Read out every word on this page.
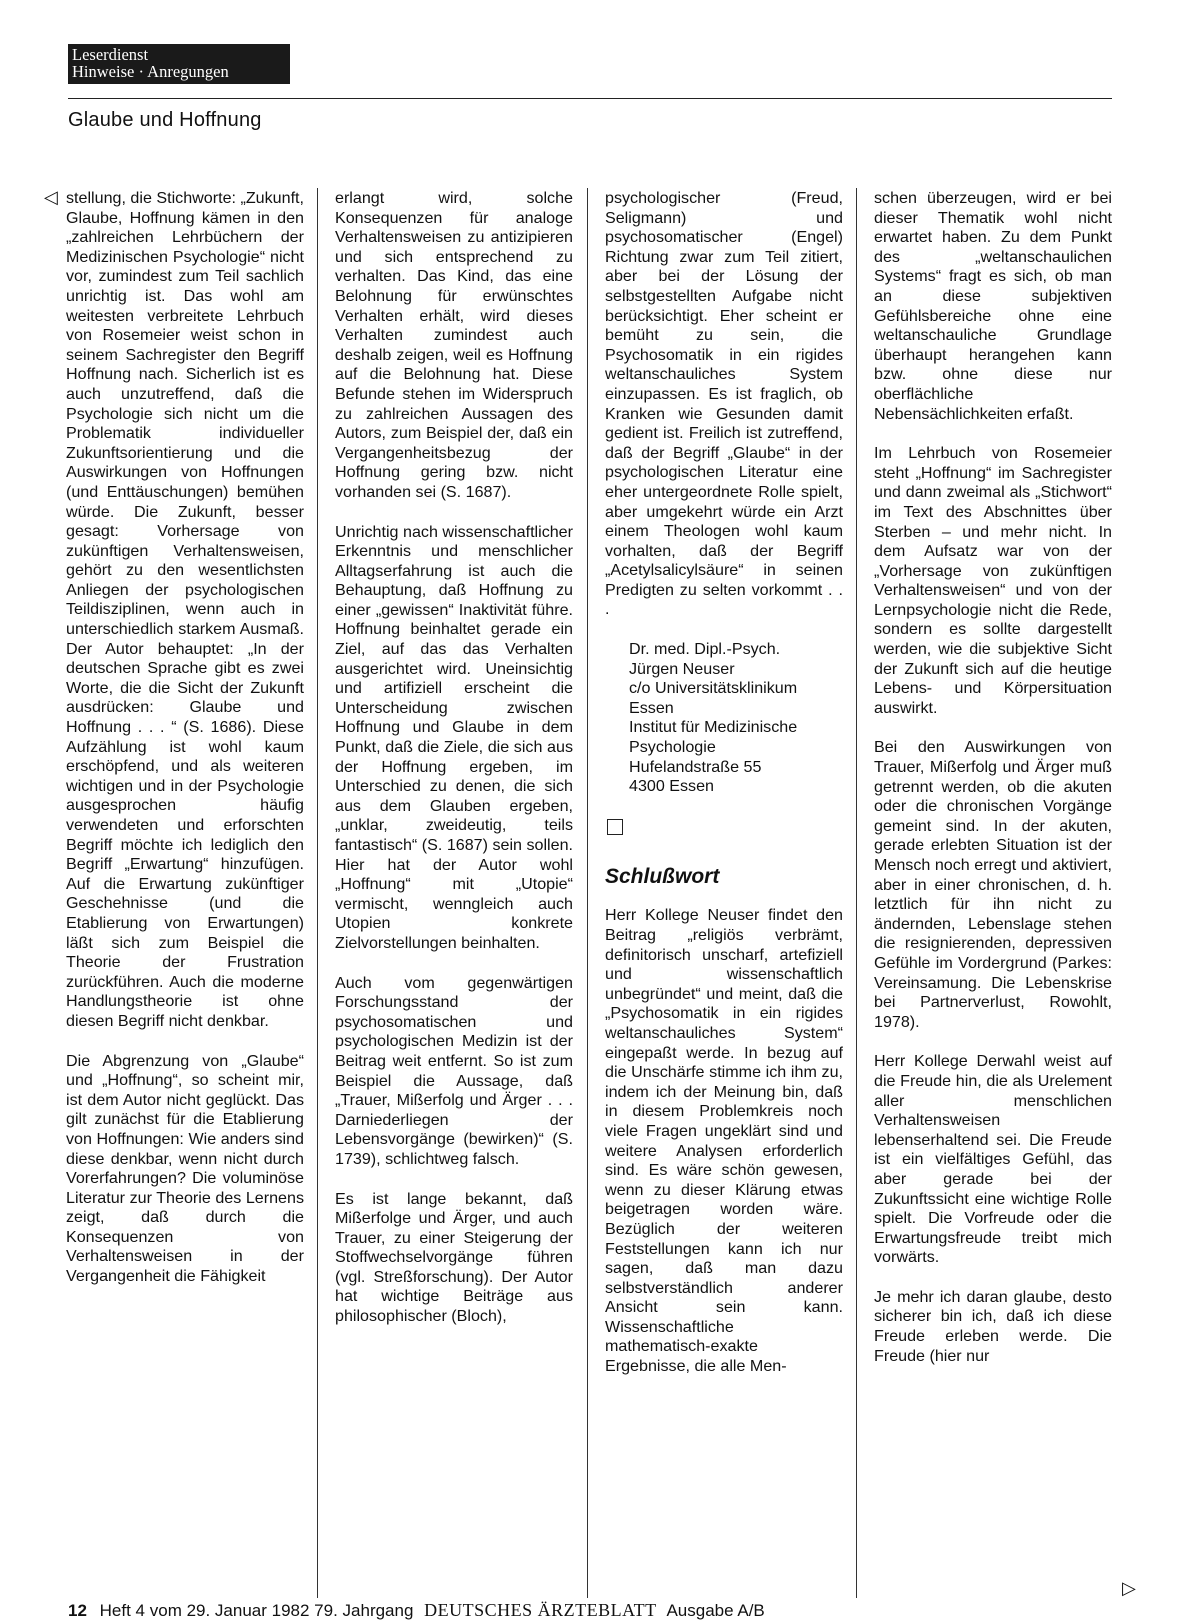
Leserdienst
Hinweise · Anregungen
Glaube und Hoffnung
◁ stellung, die Stichworte: „Zukunft, Glaube, Hoffnung kämen in den „zahlreichen Lehrbüchern der Medizinischen Psychologie“ nicht vor, zumindest zum Teil sachlich unrichtig ist. Das wohl am weitesten verbreitete Lehrbuch von Rosemeier weist schon in seinem Sachregister den Begriff Hoffnung nach. Sicherlich ist es auch unzutreffend, daß die Psychologie sich nicht um die Problematik individueller Zukunftsorientierung und die Auswirkungen von Hoffnungen (und Enttäuschungen) bemühen würde. Die Zukunft, besser gesagt: Vorhersage von zukünftigen Verhaltensweisen, gehört zu den wesentlichsten Anliegen der psychologischen Teildisziplinen, wenn auch in unterschiedlich starkem Ausmaß. Der Autor behauptet: „In der deutschen Sprache gibt es zwei Worte, die die Sicht der Zukunft ausdrücken: Glaube und Hoffnung . . . “ (S. 1686). Diese Aufzählung ist wohl kaum erschöpfend, und als weiteren wichtigen und in der Psychologie ausgesprochen häufig verwendeten und erforschten Begriff möchte ich lediglich den Begriff „Erwartung“ hinzufügen. Auf die Erwartung zukünftiger Geschehnisse (und die Etablierung von Erwartungen) läßt sich zum Beispiel die Theorie der Frustration zurückführen. Auch die moderne Handlungstheorie ist ohne diesen Begriff nicht denkbar.

Die Abgrenzung von „Glaube“ und „Hoffnung“, so scheint mir, ist dem Autor nicht geglückt. Das gilt zunächst für die Etablierung von Hoffnungen: Wie anders sind diese denkbar, wenn nicht durch Vorerfahrungen? Die voluminöse Literatur zur Theorie des Lernens zeigt, daß durch die Konsequenzen von Verhaltensweisen in der Vergangenheit die Fähigkeit

erlangt wird, solche Konsequenzen für analoge Verhaltensweisen zu antizipieren und sich entsprechend zu verhalten. Das Kind, das eine Belohnung für erwünschtes Verhalten erhält, wird dieses Verhalten zumindest auch deshalb zeigen, weil es Hoffnung auf die Belohnung hat. Diese Befunde stehen im Widerspruch zu zahlreichen Aussagen des Autors, zum Beispiel der, daß ein Vergangenheitsbezug der Hoffnung gering bzw. nicht vorhanden sei (S. 1687).

Unrichtig nach wissenschaftlicher Erkenntnis und menschlicher Alltagserfahrung ist auch die Behauptung, daß Hoffnung zu einer „gewissen“ Inaktivität führe. Hoffnung beinhaltet gerade ein Ziel, auf das das Verhalten ausgerichtet wird. Uneinsichtig und artifiziell erscheint die Unterscheidung zwischen Hoffnung und Glaube in dem Punkt, daß die Ziele, die sich aus der Hoffnung ergeben, im Unterschied zu denen, die sich aus dem Glauben ergeben, „unklar, zweideutig, teils fantastisch“ (S. 1687) sein sollen. Hier hat der Autor wohl „Hoffnung“ mit „Utopie“ vermischt, wenngleich auch Utopien konkrete Zielvorstellungen beinhalten.

Auch vom gegenwärtigen Forschungsstand der psychosomatischen und psychologischen Medizin ist der Beitrag weit entfernt. So ist zum Beispiel die Aussage, daß „Trauer, Mißerfolg und Ärger . . . Darniederliegen der Lebensvorgänge (bewirken)“ (S. 1739), schlichtweg falsch.

Es ist lange bekannt, daß Mißerfolge und Ärger, und auch Trauer, zu einer Steigerung der Stoffwechselvorgänge führen (vgl. Streßforschung). Der Autor hat wichtige Beiträge aus philosophischer (Bloch),

psychologischer (Freud, Seligmann) und psychosomatischer (Engel) Richtung zwar zum Teil zitiert, aber bei der Lösung der selbstgestellten Aufgabe nicht berücksichtigt. Eher scheint er bemüht zu sein, die Psychosomatik in ein rigides weltanschauliches System einzupassen. Es ist fraglich, ob Kranken wie Gesunden damit gedient ist. Freilich ist zutreffend, daß der Begriff „Glaube“ in der psychologischen Literatur eine eher untergeordnete Rolle spielt, aber umgekehrt würde ein Arzt einem Theologen wohl kaum vorhalten, daß der Begriff „Acetylsalicylsäure“ in seinen Predigten zu selten vorkommt . . .

Dr. med. Dipl.-Psych.
Jürgen Neuser
c/o Universitätsklinikum
Essen
Institut für Medizinische
Psychologie
Hufelandstraße 55
4300 Essen
Schlußwort

Herr Kollege Neuser findet den Beitrag „religiös verbrämt, definitorisch unscharf, artefiziell und wissenschaftlich unbegründet“ und meint, daß die „Psychosomatik in ein rigides weltanschauliches System“ eingepaßt werde. In bezug auf die Unschärfe stimme ich ihm zu, indem ich der Meinung bin, daß in diesem Problemkreis noch viele Fragen ungeklärt sind und weitere Analysen erforderlich sind. Es wäre schön gewesen, wenn zu dieser Klärung etwas beigetragen worden wäre. Bezüglich der weiteren Feststellungen kann ich nur sagen, daß man dazu selbstverständlich anderer Ansicht sein kann. Wissenschaftliche mathematisch-exakte Ergebnisse, die alle Men-

schen überzeugen, wird er bei dieser Thematik wohl nicht erwartet haben. Zu dem Punkt des „weltanschaulichen Systems“ fragt es sich, ob man an diese subjektiven Gefühlsbereiche ohne eine weltanschauliche Grundlage überhaupt herangehen kann bzw. ohne diese nur oberflächliche Nebensächlichkeiten erfaßt.

Im Lehrbuch von Rosemeier steht „Hoffnung“ im Sachregister und dann zweimal als „Stichwort“ im Text des Abschnittes über Sterben – und mehr nicht. In dem Aufsatz war von der „Vorhersage von zukünftigen Verhaltensweisen“ und von der Lernpsychologie nicht die Rede, sondern es sollte dargestellt werden, wie die subjektive Sicht der Zukunft sich auf die heutige Lebens- und Körpersituation auswirkt.

Bei den Auswirkungen von Trauer, Mißerfolg und Ärger muß getrennt werden, ob die akuten oder die chronischen Vorgänge gemeint sind. In der akuten, gerade erlebten Situation ist der Mensch noch erregt und aktiviert, aber in einer chronischen, d. h. letztlich für ihn nicht zu ändernden, Lebenslage stehen die resignierenden, depressiven Gefühle im Vordergrund (Parkes: Vereinsamung. Die Lebenskrise bei Partnerverlust, Rowohlt, 1978).

Herr Kollege Derwahl weist auf die Freude hin, die als Urelement aller menschlichen Verhaltensweisen lebenserhaltend sei. Die Freude ist ein vielfältiges Gefühl, das aber gerade bei der Zukunftssicht eine wichtige Rolle spielt. Die Vorfreude oder die Erwartungsfreude treibt mich vorwärts.

Je mehr ich daran glaube, desto sicherer bin ich, daß ich diese Freude erleben werde. Die Freude (hier nur

▷
12 Heft 4 vom 29. Januar 1982 79. Jahrgang DEUTSCHES ÄRZTEBLATT Ausgabe A/B
